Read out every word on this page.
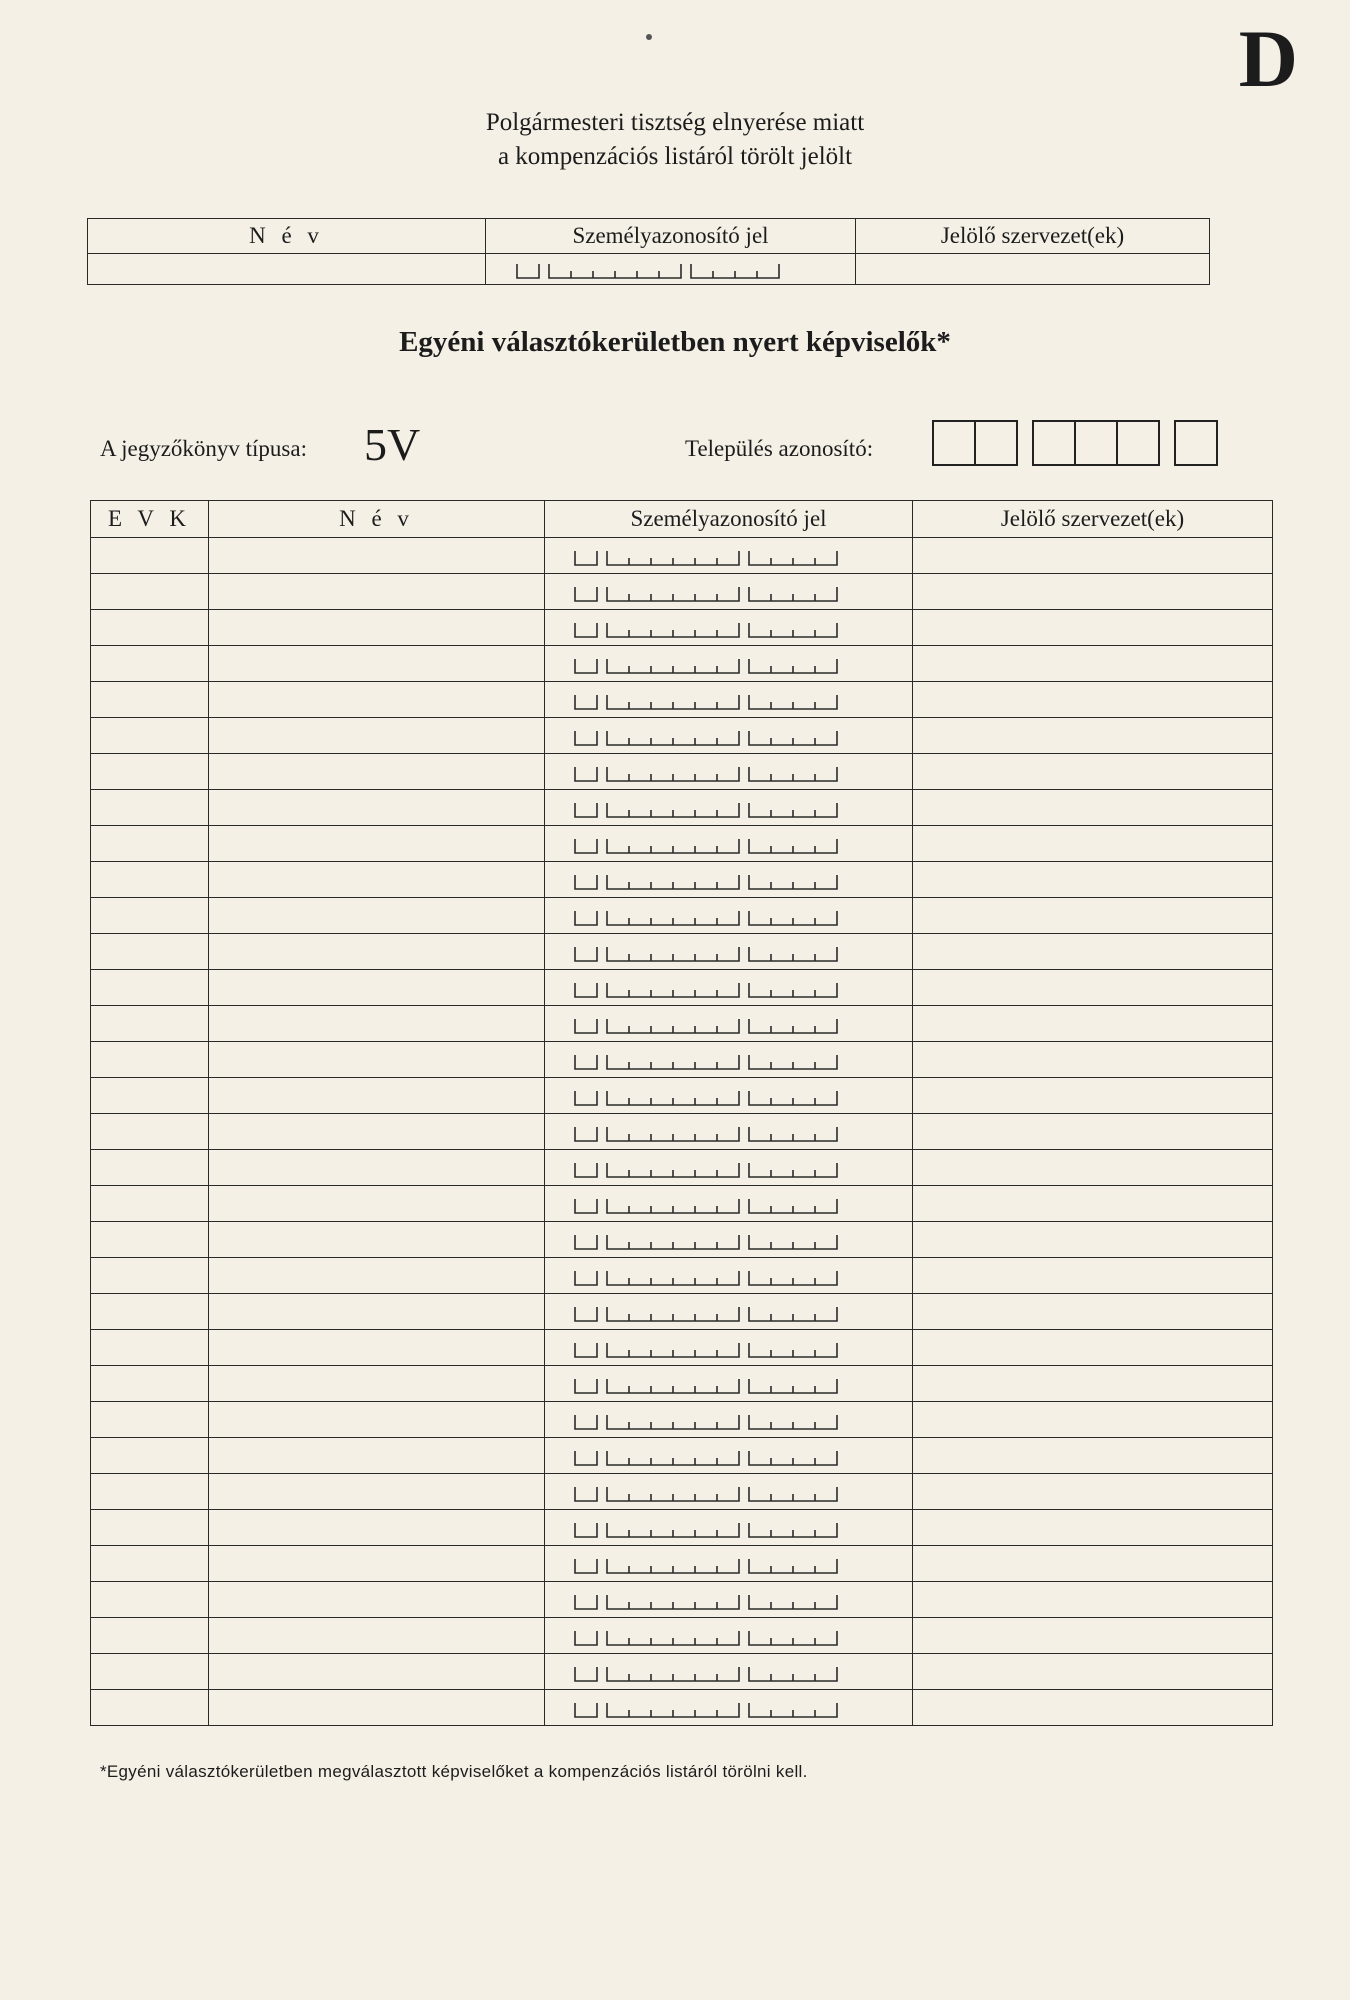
D
Polgármesteri tisztség elnyerése miatt
a kompenzációs listáról törölt jelölt
N é v	Személyazonosító jel	Jelölő szervezet(ek)

Egyéni választókerületben nyert képviselők*
A jegyzőkönyv típusa: 5V	Település azonosító:
E V K	N é v	Személyazonosító jel	Jelölő szervezet(ek)

*Egyéni választókerületben megválasztott képviselőket a kompenzációs listáról törölni kell.
